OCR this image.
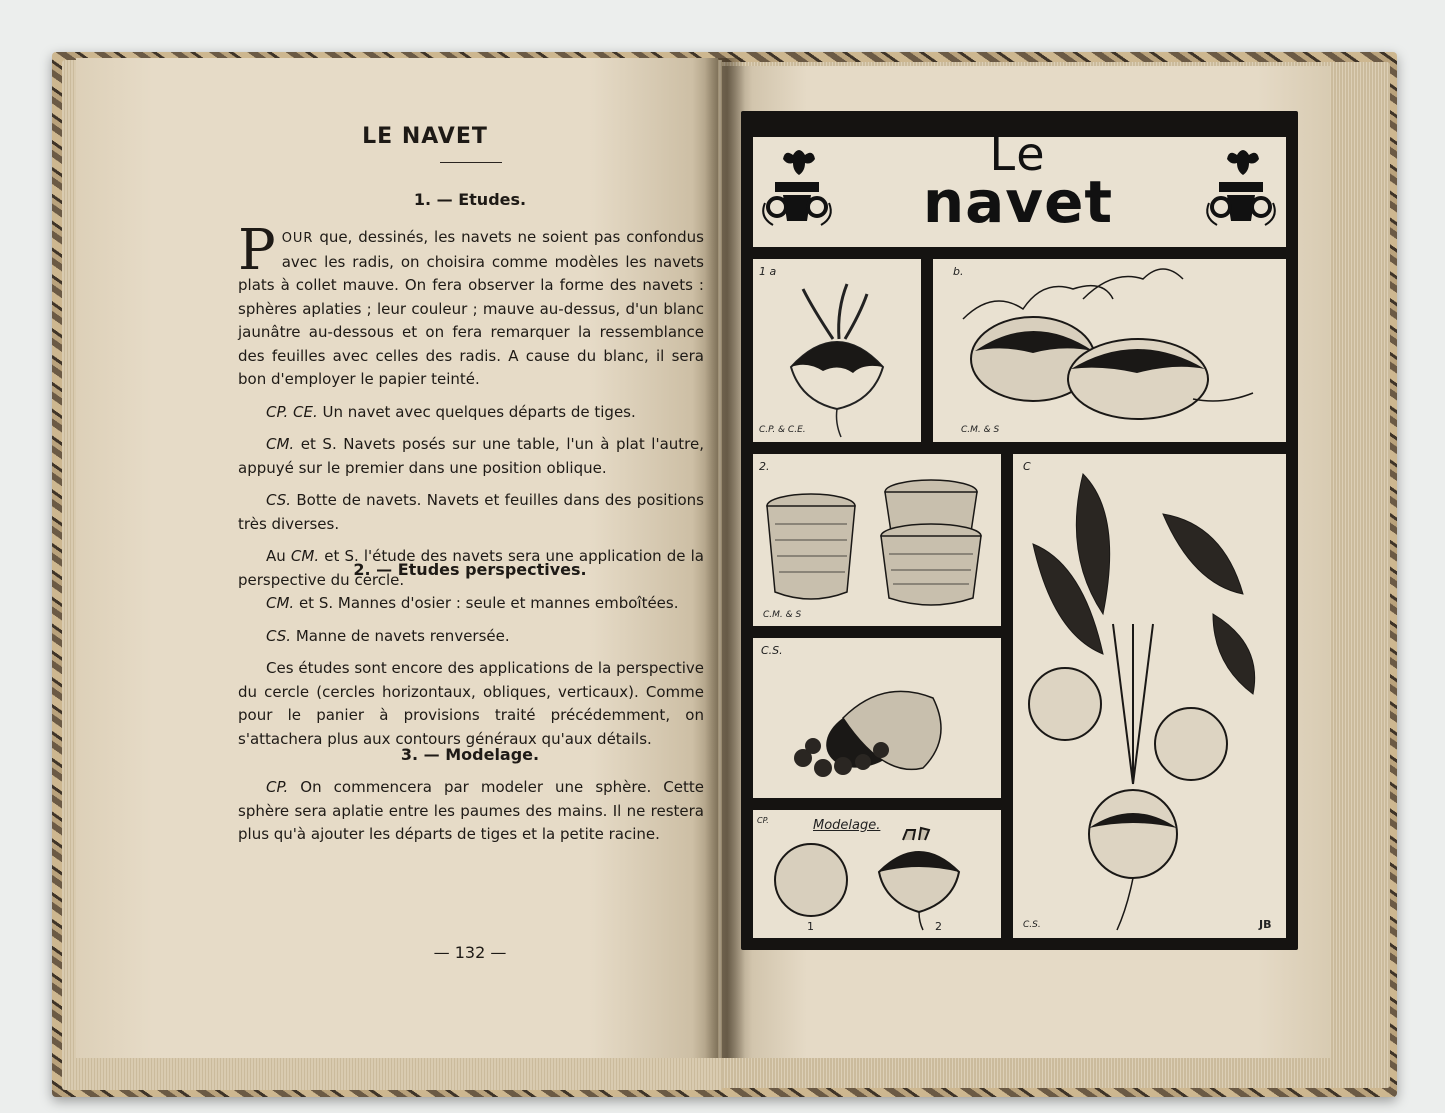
LE NAVET
1. — Etudes.

POUR que, dessinés, les navets ne soient pas confondus avec les radis, on choisira comme modèles les navets plats à collet mauve. On fera observer la forme des navets : sphères aplaties ; leur couleur ; mauve au-dessus, d'un blanc jaunâtre au-dessous et on fera remarquer la ressemblance des feuilles avec celles des radis. A cause du blanc, il sera bon d'employer le papier teinté.

CP. CE. Un navet avec quelques départs de tiges.

CM. et S. Navets posés sur une table, l'un à plat l'autre, appuyé sur le premier dans une position oblique.

CS. Botte de navets. Navets et feuilles dans des positions très diverses.

Au CM. et S. l'étude des navets sera une application de la perspective du cercle.

2. — Etudes perspectives.

CM. et S. Mannes d'osier : seule et mannes emboîtées.

CS. Manne de navets renversée.

Ces études sont encore des applications de la perspective du cercle (cercles horizontaux, obliques, verticaux). Comme pour le panier à provisions traité précédemment, on s'attachera plus aux contours généraux qu'aux détails.

3. — Modelage.

CP. On commencera par modeler une sphère. Cette sphère sera aplatie entre les paumes des mains. Il ne restera plus qu'à ajouter les départs de tiges et la petite racine.

— 132 —
Le
navet
1 a
C.P. & C.E.
b.
C.M. & S
2.
C.M. & S
C
C.S.	JB
C.S.
CP.	Modelage.
1	2
